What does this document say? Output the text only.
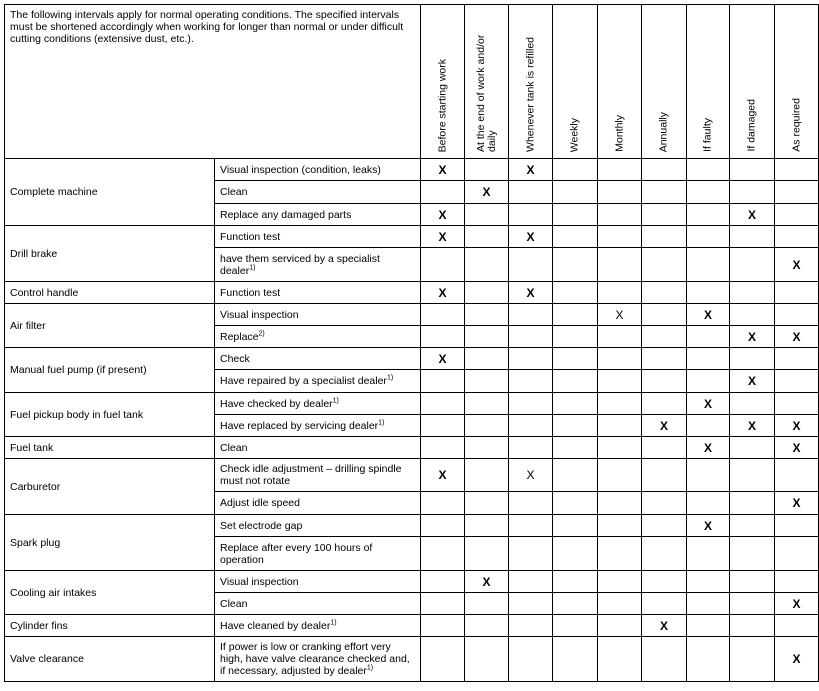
The following intervals apply for normal operating conditions. The specified intervals must be shortened accordingly when working for longer than normal or under difficult cutting conditions (extensive dust, etc.).		Before starting work	At the end of work and/or daily	Whenever tank is refilled	Weekly	Monthly	Annually	If faulty	If damaged	As required

Complete machine	Visual inspection (condition, leaks)	X		X						
	Clean		X							
	Replace any damaged parts	X							X	
Drill brake	Function test	X		X						
	have them serviced by a specialist dealer$^{1)}$									X
Control handle	Function test	X		X						
Air filter	Visual inspection					X		X		
	Replace$^{2)}$								X	X
Manual fuel pump (if present)	Check	X								
	Have repaired by a specialist dealer$^{1)}$								X	
Fuel pickup body in fuel tank	Have checked by dealer$^{1)}$							X		
	Have replaced by servicing dealer$^{1)}$						X		X	X
Fuel tank	Clean							X		X
Carburetor	Check idle adjustment – drilling spindle must not rotate	X		X						
	Adjust idle speed									X
Spark plug	Set electrode gap							X		
	Replace after every 100 hours of operation									
Cooling air intakes	Visual inspection		X							
	Clean									X
Cylinder fins	Have cleaned by dealer$^{1)}$						X			
Valve clearance	If power is low or cranking effort very high, have valve clearance checked and, if necessary, adjusted by dealer$^{1)}$									X
